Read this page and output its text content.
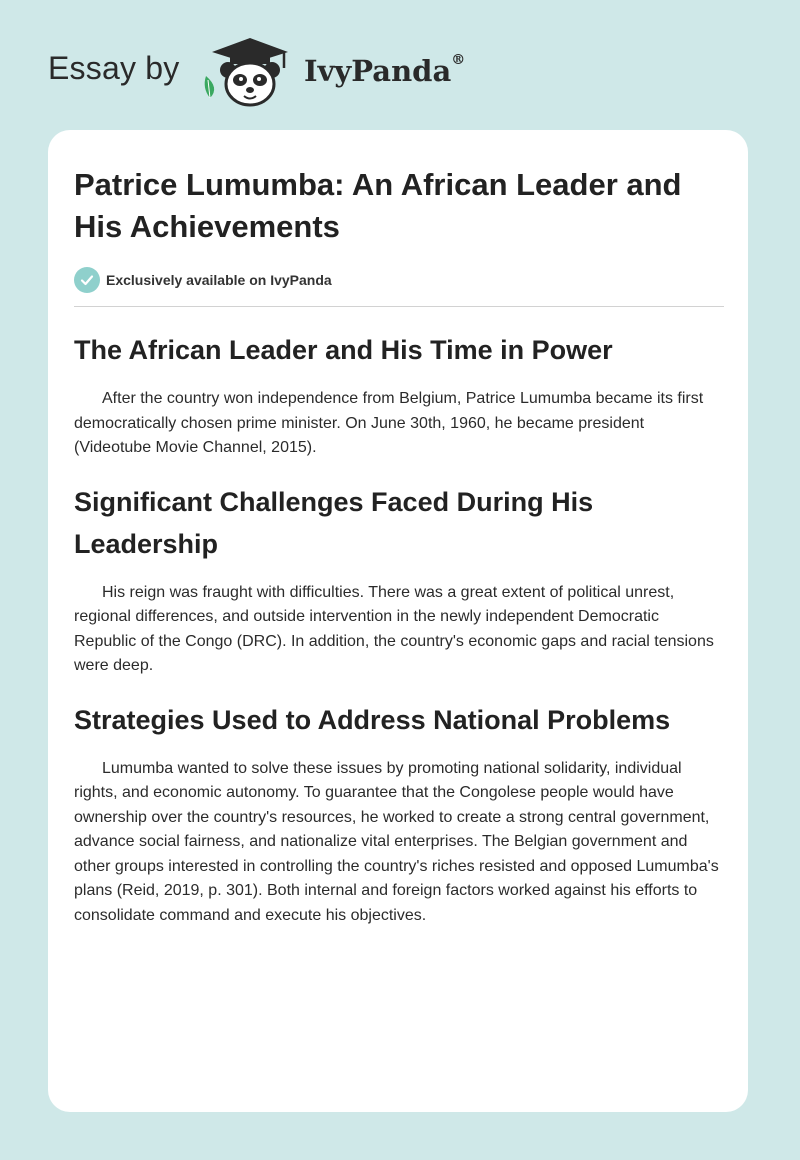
Essay by	IvyPanda®
Patrice Lumumba: An African Leader and His Achievements
Exclusively available on IvyPanda
The African Leader and His Time in Power

After the country won independence from Belgium, Patrice Lumumba became its first democratically chosen prime minister. On June 30th, 1960, he became president (Videotube Movie Channel, 2015).

Significant Challenges Faced During His Leadership

His reign was fraught with difficulties. There was a great extent of political unrest, regional differences, and outside intervention in the newly independent Democratic Republic of the Congo (DRC). In addition, the country's economic gaps and racial tensions were deep.

Strategies Used to Address National Problems

Lumumba wanted to solve these issues by promoting national solidarity, individual rights, and economic autonomy. To guarantee that the Congolese people would have ownership over the country's resources, he worked to create a strong central government, advance social fairness, and nationalize vital enterprises. The Belgian government and other groups interested in controlling the country's riches resisted and opposed Lumumba's plans (Reid, 2019, p. 301). Both internal and foreign factors worked against his efforts to consolidate command and execute his objectives.
